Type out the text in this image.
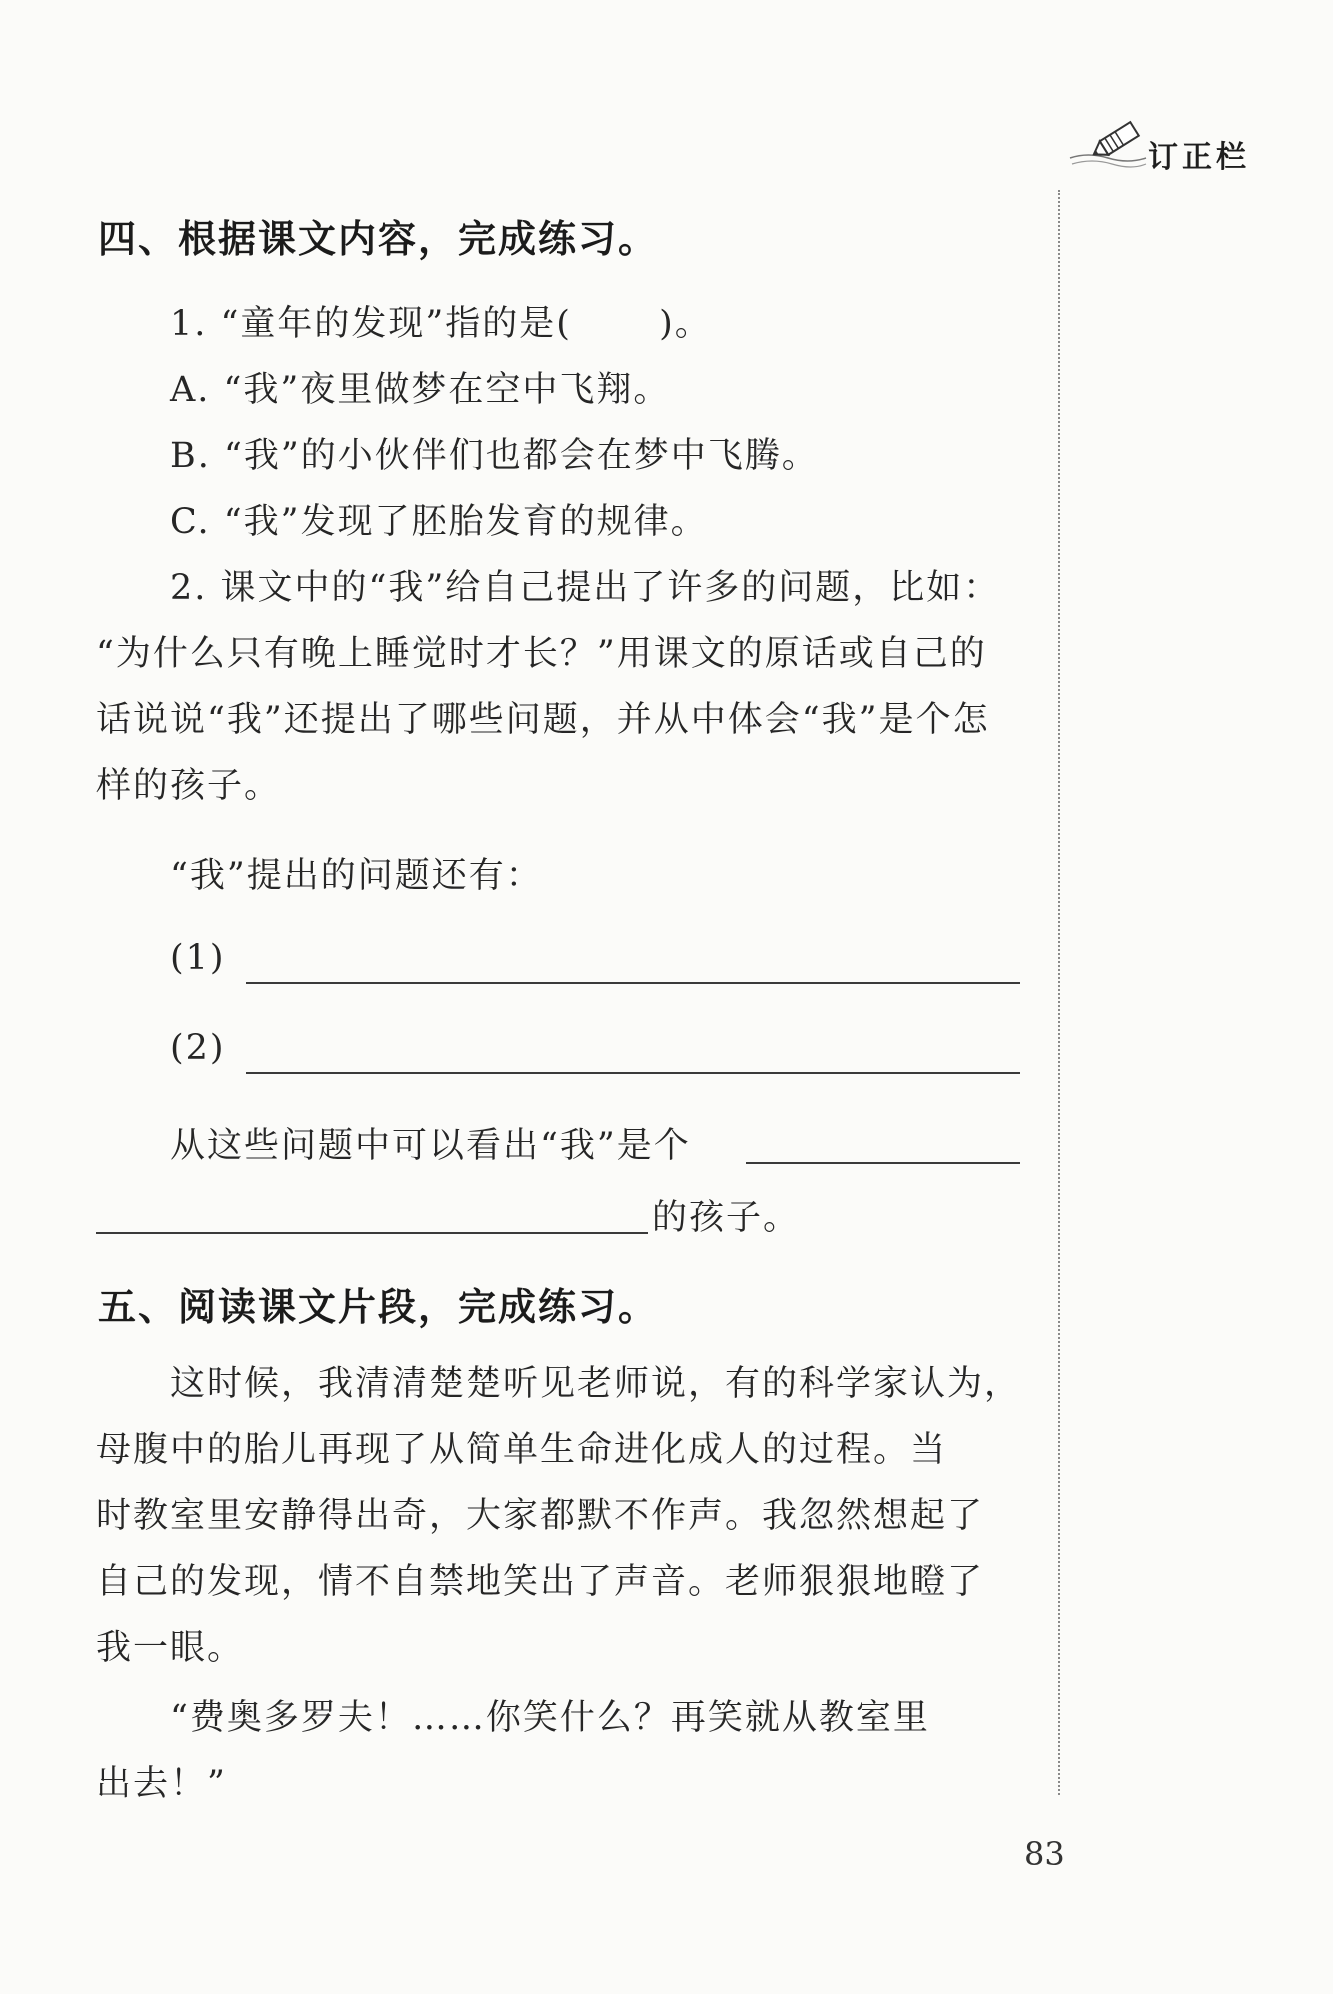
订正栏
四、根据课文内容，完成练习。
1. “童年的发现”指的是(　　 )。
A. “我”夜里做梦在空中飞翔。
B. “我”的小伙伴们也都会在梦中飞腾。
C. “我”发现了胚胎发育的规律。
2. 课文中的“我”给自己提出了许多的问题，比如：
“为什么只有晚上睡觉时才长？”用课文的原话或自己的
话说说“我”还提出了哪些问题，并从中体会“我”是个怎
样的孩子。
“我”提出的问题还有：
(1)
(2)
从这些问题中可以看出“我”是个
的孩子。
五、阅读课文片段，完成练习。
这时候，我清清楚楚听见老师说，有的科学家认为，
母腹中的胎儿再现了从简单生命进化成人的过程。当
时教室里安静得出奇，大家都默不作声。我忽然想起了
自己的发现，情不自禁地笑出了声音。老师狠狠地瞪了
我一眼。
“费奥多罗夫！……你笑什么？再笑就从教室里
出去！”
83
